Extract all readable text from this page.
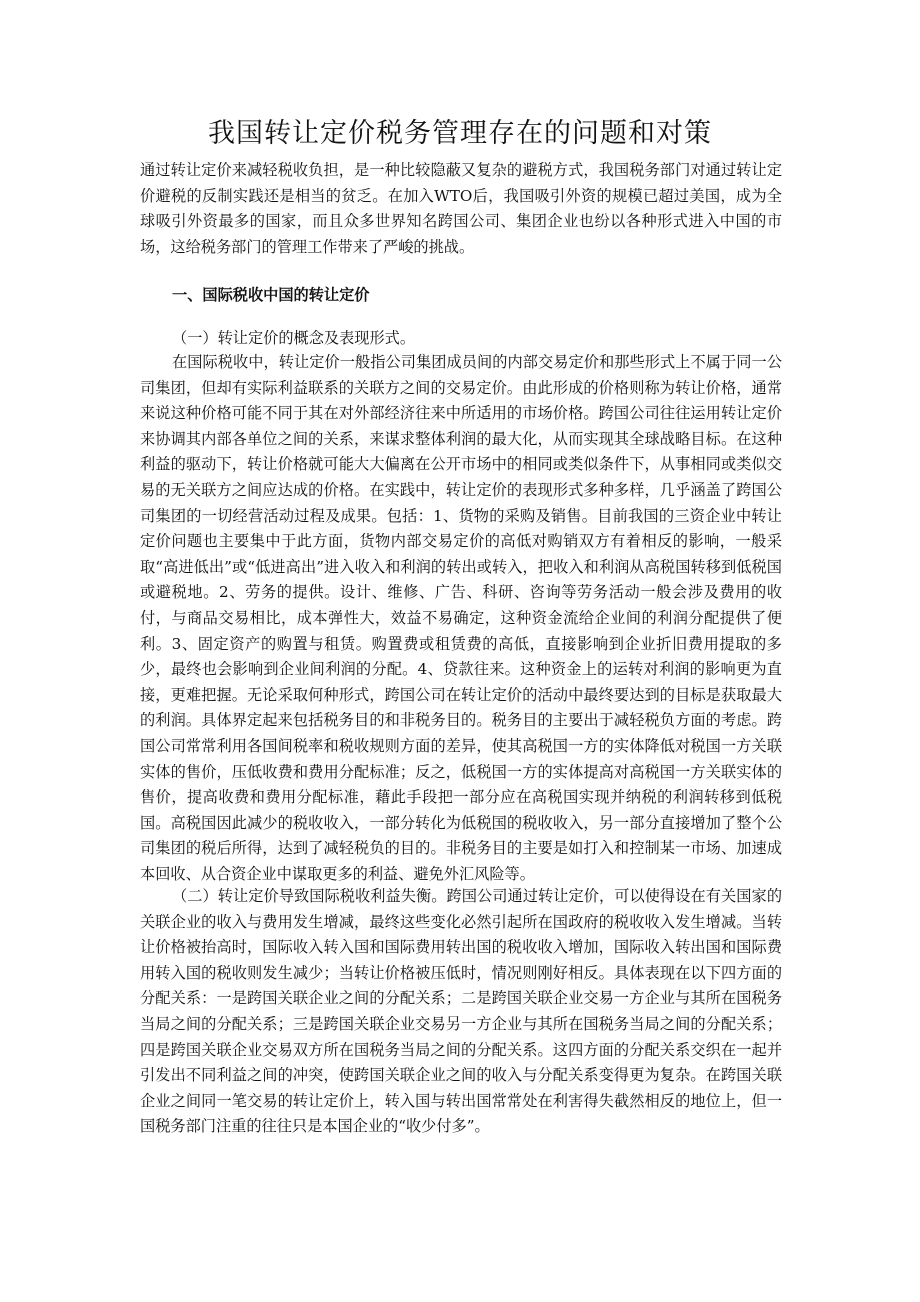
我国转让定价税务管理存在的问题和对策

通过转让定价来减轻税收负担，是一种比较隐蔽又复杂的避税方式，我国税务部门对通过转让定价避税的反制实践还是相当的贫乏。在加入WTO后，我国吸引外资的规模已超过美国，成为全球吸引外资最多的国家，而且众多世界知名跨国公司、集团企业也纷以各种形式进入中国的市场，这给税务部门的管理工作带来了严峻的挑战。

一、国际税收中国的转让定价

（一）转让定价的概念及表现形式。

在国际税收中，转让定价一般指公司集团成员间的内部交易定价和那些形式上不属于同一公司集团，但却有实际利益联系的关联方之间的交易定价。由此形成的价格则称为转让价格，通常来说这种价格可能不同于其在对外部经济往来中所适用的市场价格。跨国公司往往运用转让定价来协调其内部各单位之间的关系，来谋求整体利润的最大化，从而实现其全球战略目标。在这种利益的驱动下，转让价格就可能大大偏离在公开市场中的相同或类似条件下，从事相同或类似交易的无关联方之间应达成的价格。在实践中，转让定价的表现形式多种多样，几乎涵盖了跨国公司集团的一切经营活动过程及成果。包括：1、货物的采购及销售。目前我国的三资企业中转让定价问题也主要集中于此方面，货物内部交易定价的高低对购销双方有着相反的影响，一般采取“高进低出”或“低进高出”进入收入和利润的转出或转入，把收入和利润从高税国转移到低税国或避税地。2、劳务的提供。设计、维修、广告、科研、咨询等劳务活动一般会涉及费用的收付，与商品交易相比，成本弹性大，效益不易确定，这种资金流给企业间的利润分配提供了便利。3、固定资产的购置与租赁。购置费或租赁费的高低，直接影响到企业折旧费用提取的多少，最终也会影响到企业间利润的分配。4、贷款往来。这种资金上的运转对利润的影响更为直接，更难把握。无论采取何种形式，跨国公司在转让定价的活动中最终要达到的目标是获取最大的利润。具体界定起来包括税务目的和非税务目的。税务目的主要出于减轻税负方面的考虑。跨国公司常常利用各国间税率和税收规则方面的差异，使其高税国一方的实体降低对税国一方关联实体的售价，压低收费和费用分配标准；反之，低税国一方的实体提高对高税国一方关联实体的售价，提高收费和费用分配标准，藉此手段把一部分应在高税国实现并纳税的利润转移到低税国。高税国因此减少的税收收入，一部分转化为低税国的税收收入，另一部分直接增加了整个公司集团的税后所得，达到了减轻税负的目的。非税务目的主要是如打入和控制某一市场、加速成本回收、从合资企业中谋取更多的利益、避免外汇风险等。

（二）转让定价导致国际税收利益失衡。跨国公司通过转让定价，可以使得设在有关国家的关联企业的收入与费用发生增减，最终这些变化必然引起所在国政府的税收收入发生增减。当转让价格被抬高时，国际收入转入国和国际费用转出国的税收收入增加，国际收入转出国和国际费用转入国的税收则发生减少；当转让价格被压低时，情况则刚好相反。具体表现在以下四方面的分配关系：一是跨国关联企业之间的分配关系；二是跨国关联企业交易一方企业与其所在国税务当局之间的分配关系；三是跨国关联企业交易另一方企业与其所在国税务当局之间的分配关系；四是跨国关联企业交易双方所在国税务当局之间的分配关系。这四方面的分配关系交织在一起并引发出不同利益之间的冲突，使跨国关联企业之间的收入与分配关系变得更为复杂。在跨国关联企业之间同一笔交易的转让定价上，转入国与转出国常常处在利害得失截然相反的地位上，但一国税务部门注重的往往只是本国企业的“收少付多”。
